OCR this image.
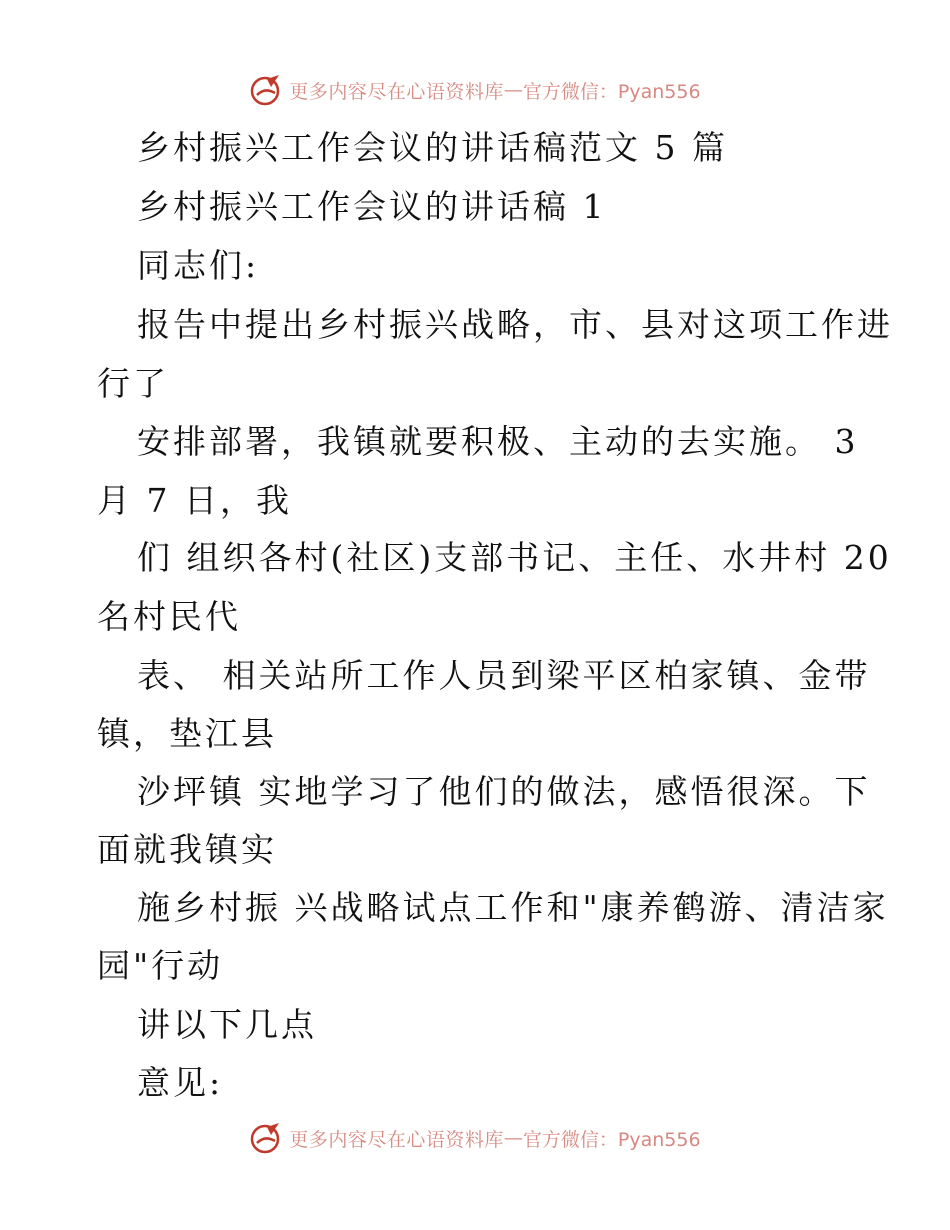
更多内容尽在心语资料库 — 官方微信：Pyan556
乡村振兴工作会议的讲话稿范文 5 篇
乡村振兴工作会议的讲话稿 1
同志们:
报告中提出乡村振兴战略，市、县对这项工作进
行了
安排部署，我镇就要积极、主动的去实施。 3
月 7 日，我
们 组织各村(社区)支部书记、主任、水井村 20
名村民代
表、 相关站所工作人员到梁平区柏家镇、金带
镇，垫江县
沙坪镇 实地学习了他们的做法，感悟很深。下
面就我镇实
施乡村振 兴战略试点工作和"康养鹤游、清洁家
园"行动
讲以下几点
意见:
更多内容尽在心语资料库 — 官方微信：Pyan556
